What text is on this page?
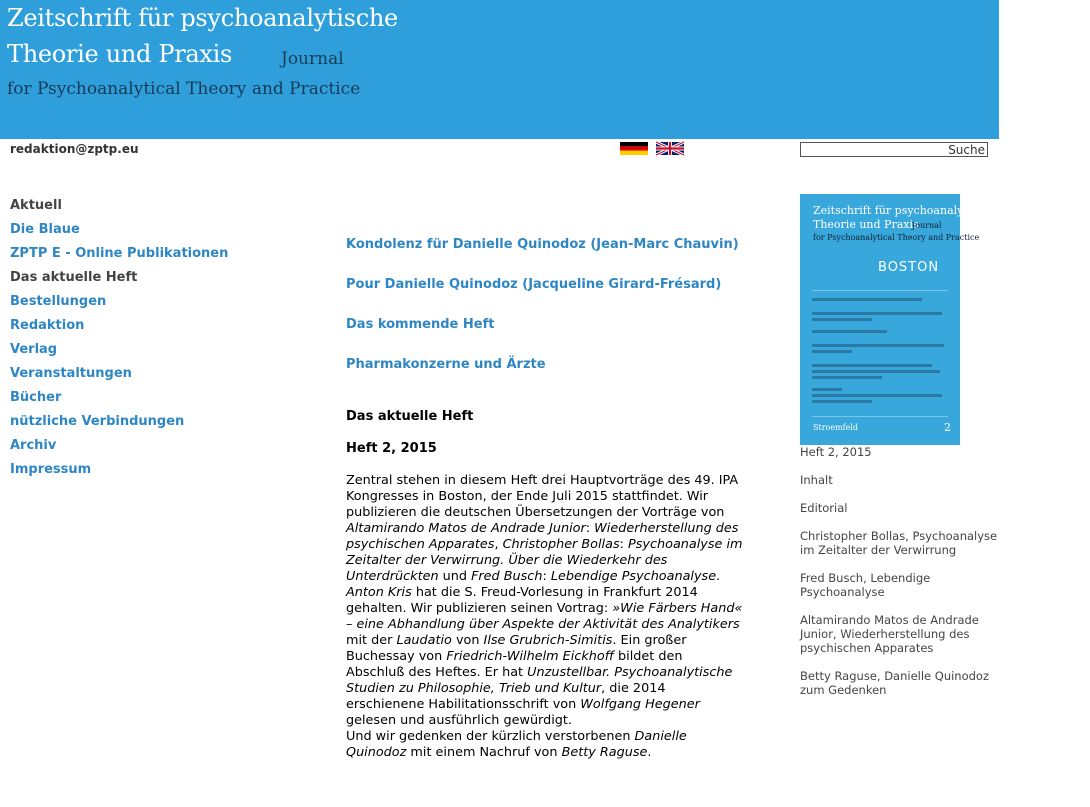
Zeitschrift für psychoanalytische
Theorie und Praxis	Journal
for Psychoanalytical Theory and Practice
redaktion@zptp.eu	Suche
Aktuell
Die Blaue
ZPTP E - Online Publikationen
Das aktuelle Heft
Bestellungen
Redaktion
Verlag
Veranstaltungen
Bücher
nützliche Verbindungen
Archiv
Impressum
Kondolenz für Danielle Quinodoz (Jean-Marc Chauvin)
Pour Danielle Quinodoz (Jacqueline Girard-Frésard)
Das kommende Heft
Pharmakonzerne und Ärzte
Das aktuelle Heft
Heft 2, 2015
Zentral stehen in diesem Heft drei Hauptvorträge des 49. IPA Kongresses in Boston, der Ende Juli 2015 stattfindet. Wir publizieren die deutschen Übersetzungen der Vorträge von Altamirando Matos de Andrade Junior: Wiederherstellung des psychischen Apparates, Christopher Bollas: Psychoanalyse im Zeitalter der Verwirrung. Über die Wiederkehr des Unterdrückten und Fred Busch: Lebendige Psychoanalyse.
Anton Kris hat die S. Freud-Vorlesung in Frankfurt 2014 gehalten. Wir publizieren seinen Vortrag: »Wie Färbers Hand« – eine Abhandlung über Aspekte der Aktivität des Analytikers mit der Laudatio von Ilse Grubrich-Simitis. Ein großer Buchessay von Friedrich-Wilhelm Eickhoff bildet den Abschluß des Heftes. Er hat Unzustellbar. Psychoanalytische Studien zu Philosophie, Trieb und Kultur, die 2014 erschienene Habilitationsschrift von Wolfgang Hegener gelesen und ausführlich gewürdigt.
Und wir gedenken der kürzlich verstorbenen Danielle Quinodoz mit einem Nachruf von Betty Raguse.
Zeitschrift für psychoanalytische
Theorie und Praxis
Journal
for Psychoanalytical Theory and Practice
BOSTON
Stroemfeld	2
Heft 2, 2015
Inhalt
Editorial
Christopher Bollas, Psychoanalyse im Zeitalter der Verwirrung
Fred Busch, Lebendige Psychoanalyse
Altamirando Matos de Andrade Junior, Wiederherstellung des psychischen Apparates
Betty Raguse, Danielle Quinodoz zum Gedenken
